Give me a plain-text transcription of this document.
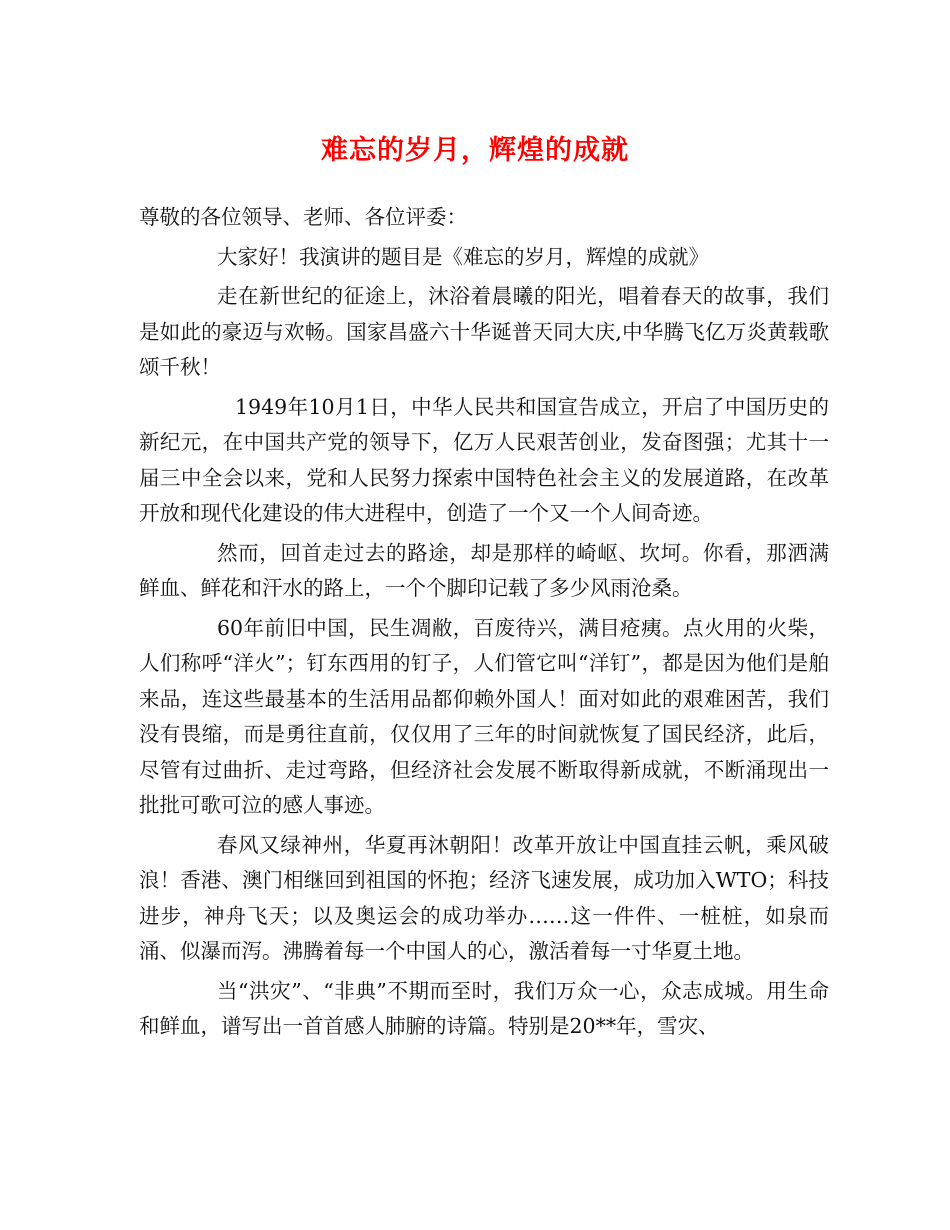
难忘的岁月，辉煌的成就

尊敬的各位领导、老师、各位评委：

大家好！我演讲的题目是《难忘的岁月，辉煌的成就》

走在新世纪的征途上，沐浴着晨曦的阳光，唱着春天的故事，我们是如此的豪迈与欢畅。国家昌盛六十华诞普天同大庆,中华腾飞亿万炎黄载歌颂千秋！

1949年10月1日，中华人民共和国宣告成立，开启了中国历史的新纪元，在中国共产党的领导下，亿万人民艰苦创业，发奋图强；尤其十一届三中全会以来，党和人民努力探索中国特色社会主义的发展道路，在改革开放和现代化建设的伟大进程中，创造了一个又一个人间奇迹。

然而，回首走过去的路途，却是那样的崎岖、坎坷。你看，那洒满鲜血、鲜花和汗水的路上，一个个脚印记载了多少风雨沧桑。

60年前旧中国，民生凋敝，百废待兴，满目疮痍。点火用的火柴，人们称呼“洋火”；钉东西用的钉子，人们管它叫“洋钉”，都是因为他们是舶来品，连这些最基本的生活用品都仰赖外国人！面对如此的艰难困苦，我们没有畏缩，而是勇往直前，仅仅用了三年的时间就恢复了国民经济，此后，尽管有过曲折、走过弯路，但经济社会发展不断取得新成就，不断涌现出一批批可歌可泣的感人事迹。

春风又绿神州，华夏再沐朝阳！改革开放让中国直挂云帆，乘风破浪！香港、澳门相继回到祖国的怀抱；经济飞速发展，成功加入WTO；科技进步，神舟飞天；以及奥运会的成功举办……这一件件、一桩桩，如泉而涌、似瀑而泻。沸腾着每一个中国人的心，激活着每一寸华夏土地。

当“洪灾”、“非典”不期而至时，我们万众一心，众志成城。用生命和鲜血，谱写出一首首感人肺腑的诗篇。特别是20**年，雪灾、
